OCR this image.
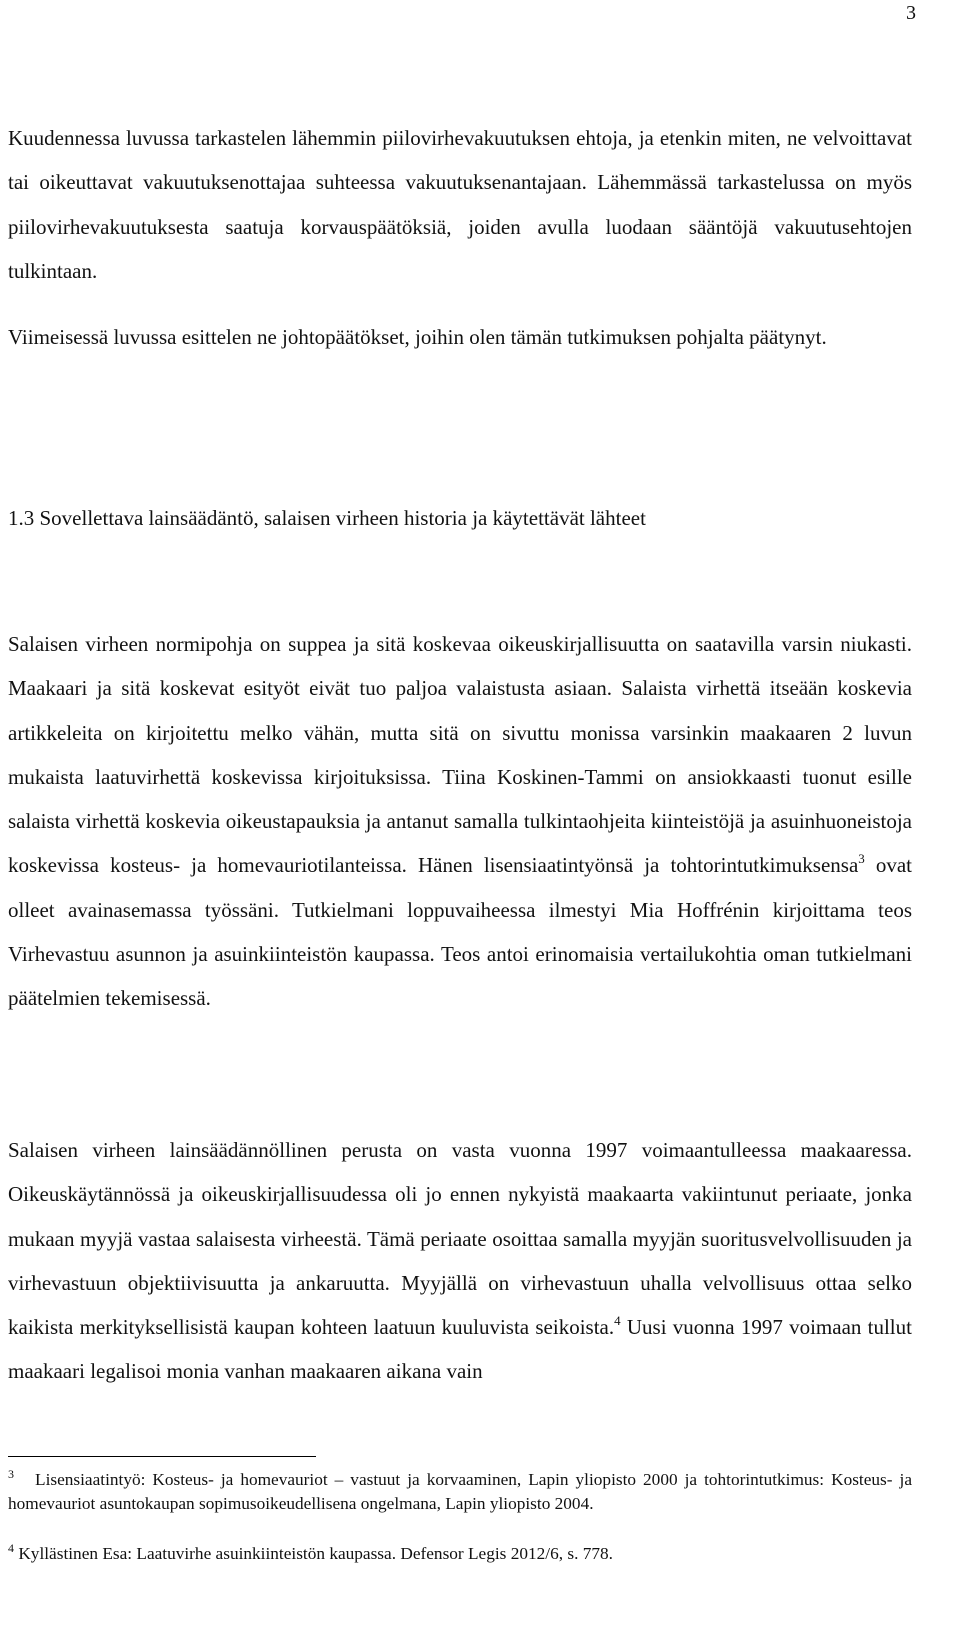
3

Kuudennessa luvussa tarkastelen lähemmin piilovirhevakuutuksen ehtoja, ja etenkin miten, ne velvoittavat tai oikeuttavat vakuutuksenottajaa suhteessa vakuutuksenantajaan. Lähemmässä tarkastelussa on myös piilovirhevakuutuksesta saatuja korvauspäätöksiä, joiden avulla luodaan sääntöjä vakuutusehtojen tulkintaan.

Viimeisessä luvussa esittelen ne johtopäätökset, joihin olen tämän tutkimuksen pohjalta päätynyt.

1.3 Sovellettava lainsäädäntö, salaisen virheen historia ja käytettävät lähteet

Salaisen virheen normipohja on suppea ja sitä koskevaa oikeuskirjallisuutta on saatavilla varsin niukasti. Maakaari ja sitä koskevat esityöt eivät tuo paljoa valaistusta asiaan. Salaista virhettä itseään koskevia artikkeleita on kirjoitettu melko vähän, mutta sitä on sivuttu monissa varsinkin maakaaren 2 luvun mukaista laatuvirhettä koskevissa kirjoituksissa. Tiina Koskinen-Tammi on ansiokkaasti tuonut esille salaista virhettä koskevia oikeustapauksia ja antanut samalla tulkintaohjeita kiinteistöjä ja asuinhuoneistoja koskevissa kosteus- ja homevauriotilanteissa. Hänen lisensiaatintyönsä ja tohtorintutkimuksensa$^3$ ovat olleet avainasemassa työssäni. Tutkielmani loppuvaiheessa ilmestyi Mia Hoffrénin kirjoittama teos Virhevastuu asunnon ja asuinkiinteistön kaupassa. Teos antoi erinomaisia vertailukohtia oman tutkielmani päätelmien tekemisessä.

Salaisen virheen lainsäädännöllinen perusta on vasta vuonna 1997 voimaantulleessa maakaaressa. Oikeuskäytännössä ja oikeuskirjallisuudessa oli jo ennen nykyistä maakaarta vakiintunut periaate, jonka mukaan myyjä vastaa salaisesta virheestä. Tämä periaate osoittaa samalla myyjän suoritusvelvollisuuden ja virhevastuun objektiivisuutta ja ankaruutta. Myyjällä on virhevastuun uhalla velvollisuus ottaa selko kaikista merkityksellisistä kaupan kohteen laatuun kuuluvista seikoista.$^4$ Uusi vuonna 1997 voimaan tullut maakaari legalisoi monia vanhan maakaaren aikana vain

$^3$ Lisensiaatintyö: Kosteus- ja homevauriot – vastuut ja korvaaminen, Lapin yliopisto 2000 ja tohtorintutkimus: Kosteus- ja homevauriot asuntokaupan sopimusoikeudellisena ongelmana, Lapin yliopisto 2004.

$^4$ Kyllästinen Esa: Laatuvirhe asuinkiinteistön kaupassa. Defensor Legis 2012/6, s. 778.
